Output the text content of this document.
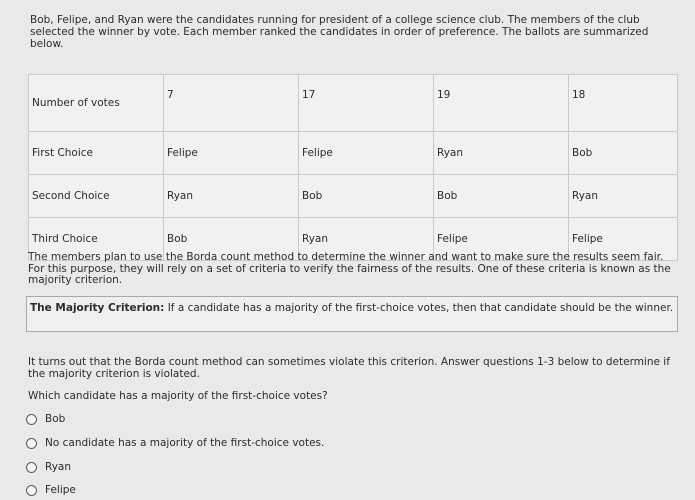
Bob, Felipe, and Ryan were the candidates running for president of a college science club. The members of the club selected the winner by vote. Each member ranked the candidates in order of preference. The ballots are summarized below.
Number of votes	7	17	19	18
First Choice	Felipe	Felipe	Ryan	Bob
Second Choice	Ryan	Bob	Bob	Ryan
Third Choice	Bob	Ryan	Felipe	Felipe
The members plan to use the Borda count method to determine the winner and want to make sure the results seem fair. For this purpose, they will rely on a set of criteria to verify the fairness of the results. One of these criteria is known as the majority criterion.
The Majority Criterion: If a candidate has a majority of the first-choice votes, then that candidate should be the winner.
It turns out that the Borda count method can sometimes violate this criterion. Answer questions 1-3 below to determine if the majority criterion is violated.
Which candidate has a majority of the first-choice votes?
Bob
No candidate has a majority of the first-choice votes.
Ryan
Felipe
